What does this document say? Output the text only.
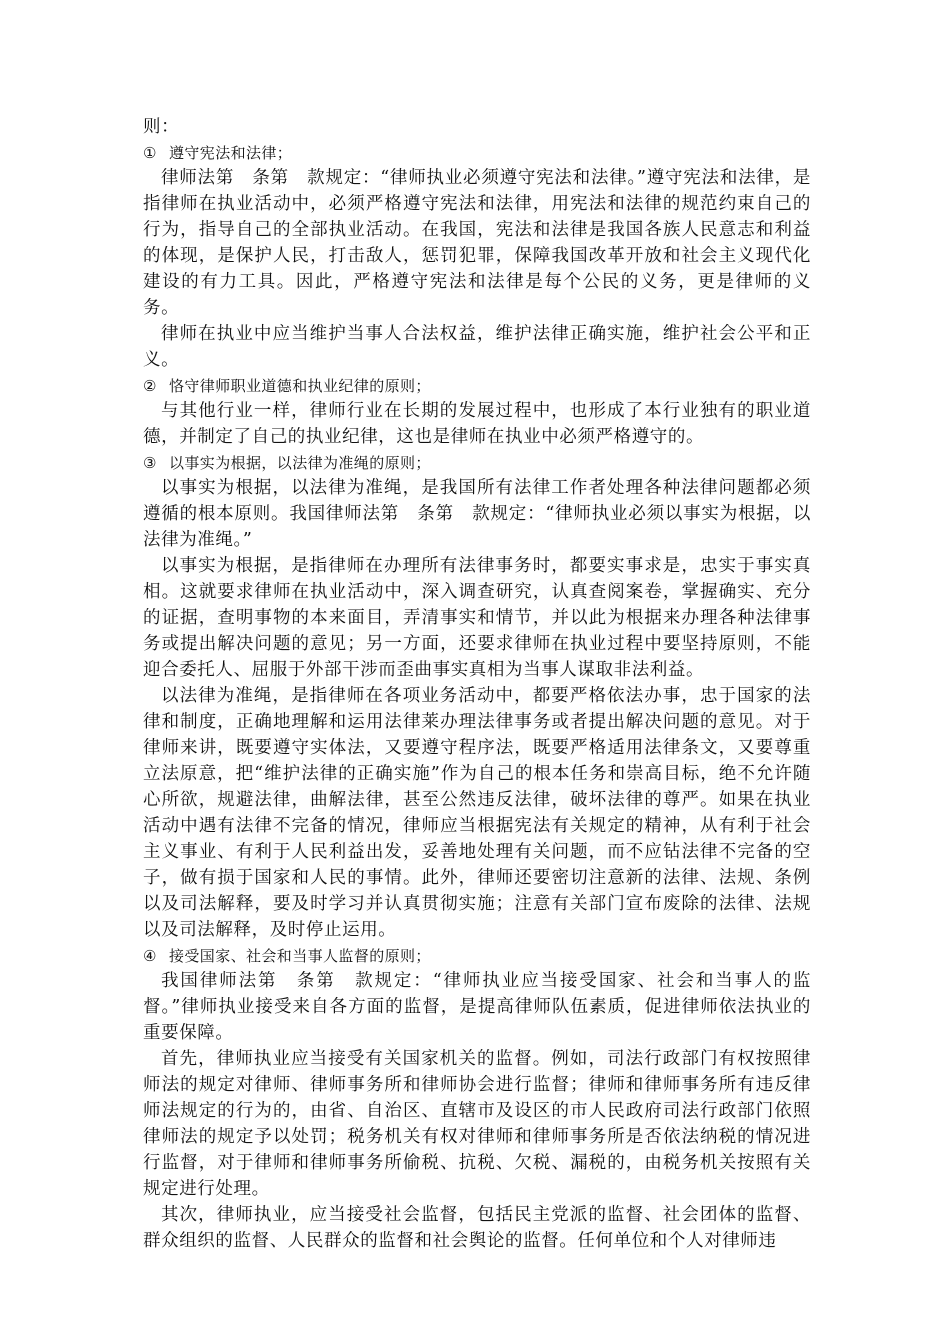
则：

① 遵守宪法和法律；

律师法第　条第　款规定：“律师执业必须遵守宪法和法律。”遵守宪法和法律，是指律师在执业活动中，必须严格遵守宪法和法律，用宪法和法律的规范约束自己的行为，指导自己的全部执业活动。在我国，宪法和法律是我国各族人民意志和利益的体现，是保护人民，打击敌人，惩罚犯罪，保障我国改革开放和社会主义现代化建设的有力工具。因此，严格遵守宪法和法律是每个公民的义务，更是律师的义务。

律师在执业中应当维护当事人合法权益，维护法律正确实施，维护社会公平和正义。

② 恪守律师职业道德和执业纪律的原则；

与其他行业一样，律师行业在长期的发展过程中，也形成了本行业独有的职业道德，并制定了自己的执业纪律，这也是律师在执业中必须严格遵守的。

③ 以事实为根据，以法律为准绳的原则；

以事实为根据，以法律为准绳，是我国所有法律工作者处理各种法律问题都必须遵循的根本原则。我国律师法第　条第　款规定：“律师执业必须以事实为根据，以法律为准绳。”

以事实为根据，是指律师在办理所有法律事务时，都要实事求是，忠实于事实真相。这就要求律师在执业活动中，深入调查研究，认真查阅案卷，掌握确实、充分的证据，查明事物的本来面目，弄清事实和情节，并以此为根据来办理各种法律事务或提出解决问题的意见；另一方面，还要求律师在执业过程中要坚持原则，不能迎合委托人、屈服于外部干涉而歪曲事实真相为当事人谋取非法利益。

以法律为准绳，是指律师在各项业务活动中，都要严格依法办事，忠于国家的法律和制度，正确地理解和运用法律莱办理法律事务或者提出解决问题的意见。对于律师来讲，既要遵守实体法，又要遵守程序法，既要严格适用法律条文，又要尊重立法原意，把“维护法律的正确实施”作为自己的根本任务和崇高目标，绝不允许随心所欲，规避法律，曲解法律，甚至公然违反法律，破坏法律的尊严。如果在执业活动中遇有法律不完备的情况，律师应当根据宪法有关规定的精神，从有利于社会主义事业、有利于人民利益出发，妥善地处理有关问题，而不应钻法律不完备的空子，做有损于国家和人民的事情。此外，律师还要密切注意新的法律、法规、条例以及司法解释，要及时学习并认真贯彻实施；注意有关部门宣布废除的法律、法规以及司法解释，及时停止运用。

④ 接受国家、社会和当事人监督的原则；

我国律师法第　条第　款规定：“律师执业应当接受国家、社会和当事人的监督。”律师执业接受来自各方面的监督，是提高律师队伍素质，促进律师依法执业的重要保障。

首先，律师执业应当接受有关国家机关的监督。例如，司法行政部门有权按照律师法的规定对律师、律师事务所和律师协会进行监督；律师和律师事务所有违反律师法规定的行为的，由省、自治区、直辖市及设区的市人民政府司法行政部门依照律师法的规定予以处罚；税务机关有权对律师和律师事务所是否依法纳税的情况进行监督，对于律师和律师事务所偷税、抗税、欠税、漏税的，由税务机关按照有关规定进行处理。

其次，律师执业，应当接受社会监督，包括民主党派的监督、社会团体的监督、群众组织的监督、人民群众的监督和社会舆论的监督。任何单位和个人对律师违
